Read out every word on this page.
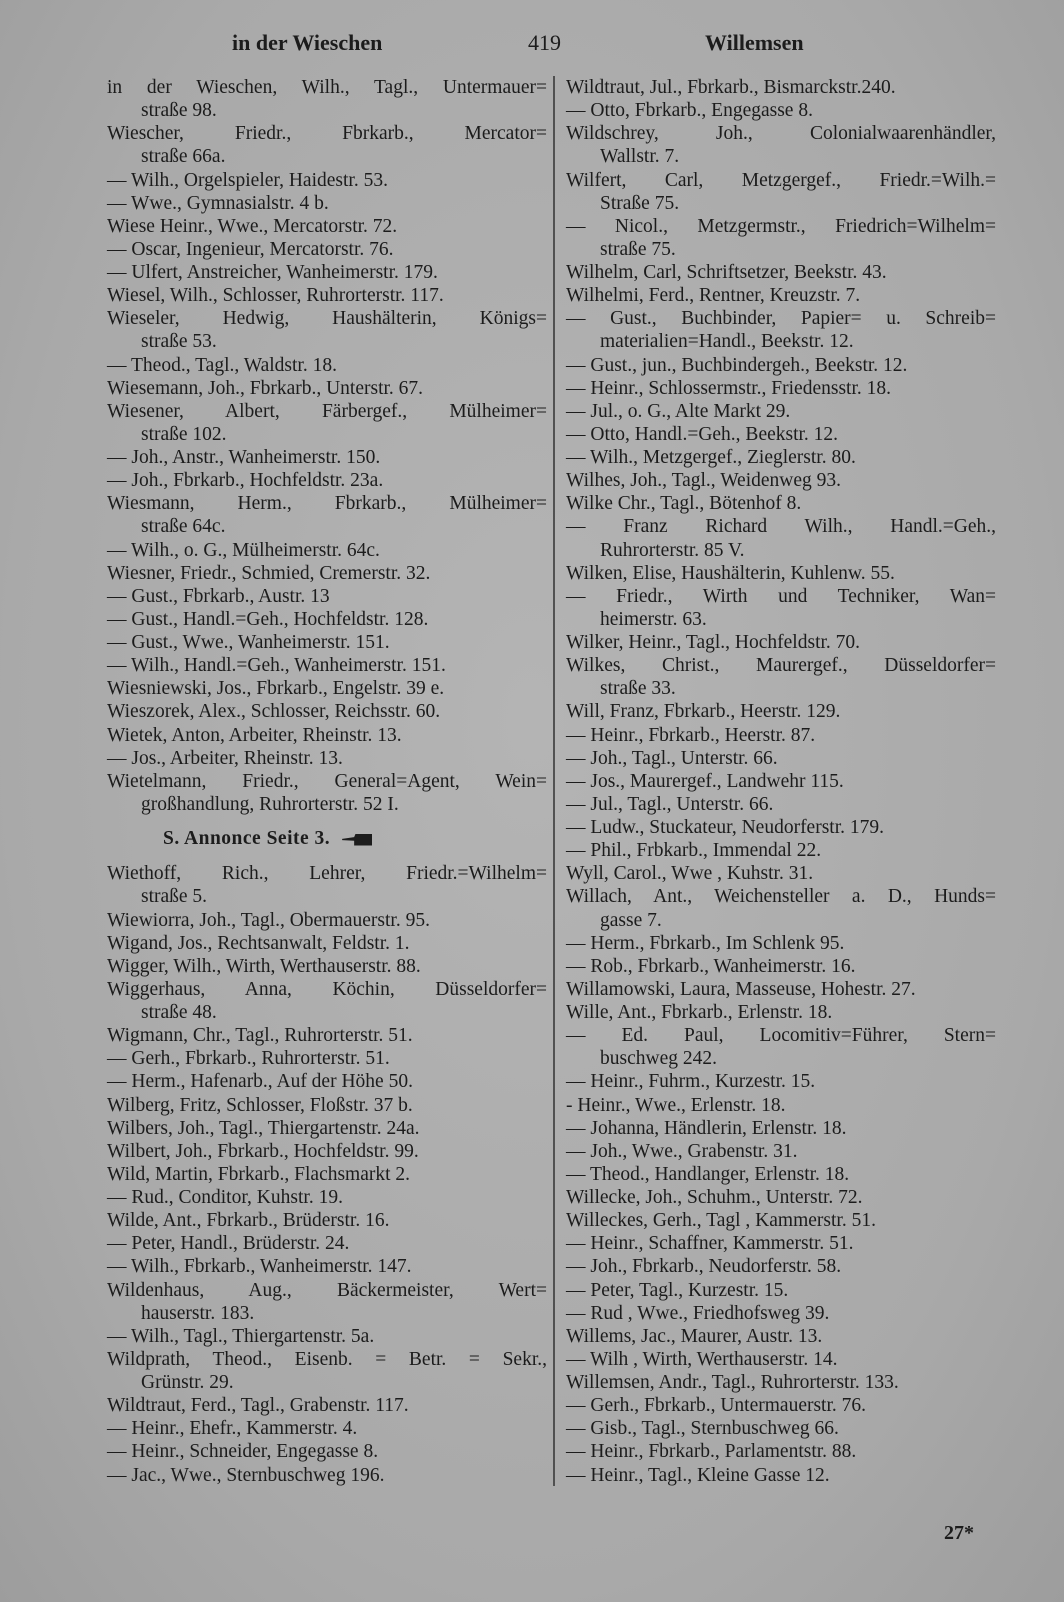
in der Wieschen	419	Willemsen
in der Wieschen, Wilh., Tagl., Untermauer=
straße 98.
Wiescher, Friedr., Fbrkarb., Mercator=
straße 66a.
— Wilh., Orgelspieler, Haidestr. 53.
— Wwe., Gymnasialstr. 4 b.
Wiese Heinr., Wwe., Mercatorstr. 72.
— Oscar, Ingenieur, Mercatorstr. 76.
— Ulfert, Anstreicher, Wanheimerstr. 179.
Wiesel, Wilh., Schlosser, Ruhrorterstr. 117.
Wieseler, Hedwig, Haushälterin, Königs=
straße 53.
— Theod., Tagl., Waldstr. 18.
Wiesemann, Joh., Fbrkarb., Unterstr. 67.
Wiesener, Albert, Färbergef., Mülheimer=
straße 102.
— Joh., Anstr., Wanheimerstr. 150.
— Joh., Fbrkarb., Hochfeldstr. 23a.
Wiesmann, Herm., Fbrkarb., Mülheimer=
straße 64c.
— Wilh., o. G., Mülheimerstr. 64c.
Wiesner, Friedr., Schmied, Cremerstr. 32.
— Gust., Fbrkarb., Austr. 13
— Gust., Handl.=Geh., Hochfeldstr. 128.
— Gust., Wwe., Wanheimerstr. 151.
— Wilh., Handl.=Geh., Wanheimerstr. 151.
Wiesniewski, Jos., Fbrkarb., Engelstr. 39 e.
Wieszorek, Alex., Schlosser, Reichsstr. 60.
Wietek, Anton, Arbeiter, Rheinstr. 13.
— Jos., Arbeiter, Rheinstr. 13.
Wietelmann, Friedr., General=Agent, Wein=
großhandlung, Ruhrorterstr. 52 I.
S. Annonce Seite 3.
Wiethoff, Rich., Lehrer, Friedr.=Wilhelm=
straße 5.
Wiewiorra, Joh., Tagl., Obermauerstr. 95.
Wigand, Jos., Rechtsanwalt, Feldstr. 1.
Wigger, Wilh., Wirth, Werthauserstr. 88.
Wiggerhaus, Anna, Köchin, Düsseldorfer=
straße 48.
Wigmann, Chr., Tagl., Ruhrorterstr. 51.
— Gerh., Fbrkarb., Ruhrorterstr. 51.
— Herm., Hafenarb., Auf der Höhe 50.
Wilberg, Fritz, Schlosser, Floßstr. 37 b.
Wilbers, Joh., Tagl., Thiergartenstr. 24a.
Wilbert, Joh., Fbrkarb., Hochfeldstr. 99.
Wild, Martin, Fbrkarb., Flachsmarkt 2.
— Rud., Conditor, Kuhstr. 19.
Wilde, Ant., Fbrkarb., Brüderstr. 16.
— Peter, Handl., Brüderstr. 24.
— Wilh., Fbrkarb., Wanheimerstr. 147.
Wildenhaus, Aug., Bäckermeister, Wert=
hauserstr. 183.
— Wilh., Tagl., Thiergartenstr. 5a.
Wildprath, Theod., Eisenb. = Betr. = Sekr.,
Grünstr. 29.
Wildtraut, Ferd., Tagl., Grabenstr. 117.
— Heinr., Ehefr., Kammerstr. 4.
— Heinr., Schneider, Engegasse 8.
— Jac., Wwe., Sternbuschweg 196.
Wildtraut, Jul., Fbrkarb., Bismarckstr.240.
— Otto, Fbrkarb., Engegasse 8.
Wildschrey, Joh., Colonialwaarenhändler,
Wallstr. 7.
Wilfert, Carl, Metzgergef., Friedr.=Wilh.=
Straße 75.
— Nicol., Metzgermstr., Friedrich=Wilhelm=
straße 75.
Wilhelm, Carl, Schriftsetzer, Beekstr. 43.
Wilhelmi, Ferd., Rentner, Kreuzstr. 7.
— Gust., Buchbinder, Papier= u. Schreib=
materialien=Handl., Beekstr. 12.
— Gust., jun., Buchbindergeh., Beekstr. 12.
— Heinr., Schlossermstr., Friedensstr. 18.
— Jul., o. G., Alte Markt 29.
— Otto, Handl.=Geh., Beekstr. 12.
— Wilh., Metzgergef., Zieglerstr. 80.
Wilhes, Joh., Tagl., Weidenweg 93.
Wilke Chr., Tagl., Bötenhof 8.
— Franz Richard Wilh., Handl.=Geh.,
Ruhrorterstr. 85 V.
Wilken, Elise, Haushälterin, Kuhlenw. 55.
— Friedr., Wirth und Techniker, Wan=
heimerstr. 63.
Wilker, Heinr., Tagl., Hochfeldstr. 70.
Wilkes, Christ., Maurergef., Düsseldorfer=
straße 33.
Will, Franz, Fbrkarb., Heerstr. 129.
— Heinr., Fbrkarb., Heerstr. 87.
— Joh., Tagl., Unterstr. 66.
— Jos., Maurergef., Landwehr 115.
— Jul., Tagl., Unterstr. 66.
— Ludw., Stuckateur, Neudorferstr. 179.
— Phil., Frbkarb., Immendal 22.
Wyll, Carol., Wwe , Kuhstr. 31.
Willach, Ant., Weichensteller a. D., Hunds=
gasse 7.
— Herm., Fbrkarb., Im Schlenk 95.
— Rob., Fbrkarb., Wanheimerstr. 16.
Willamowski, Laura, Masseuse, Hohestr. 27.
Wille, Ant., Fbrkarb., Erlenstr. 18.
— Ed. Paul, Locomitiv=Führer, Stern=
buschweg 242.
— Heinr., Fuhrm., Kurzestr. 15.
- Heinr., Wwe., Erlenstr. 18.
— Johanna, Händlerin, Erlenstr. 18.
— Joh., Wwe., Grabenstr. 31.
— Theod., Handlanger, Erlenstr. 18.
Willecke, Joh., Schuhm., Unterstr. 72.
Willeckes, Gerh., Tagl , Kammerstr. 51.
— Heinr., Schaffner, Kammerstr. 51.
— Joh., Fbrkarb., Neudorferstr. 58.
— Peter, Tagl., Kurzestr. 15.
— Rud , Wwe., Friedhofsweg 39.
Willems, Jac., Maurer, Austr. 13.
— Wilh , Wirth, Werthauserstr. 14.
Willemsen, Andr., Tagl., Ruhrorterstr. 133.
— Gerh., Fbrkarb., Untermauerstr. 76.
— Gisb., Tagl., Sternbuschweg 66.
— Heinr., Fbrkarb., Parlamentstr. 88.
— Heinr., Tagl., Kleine Gasse 12.
27*
